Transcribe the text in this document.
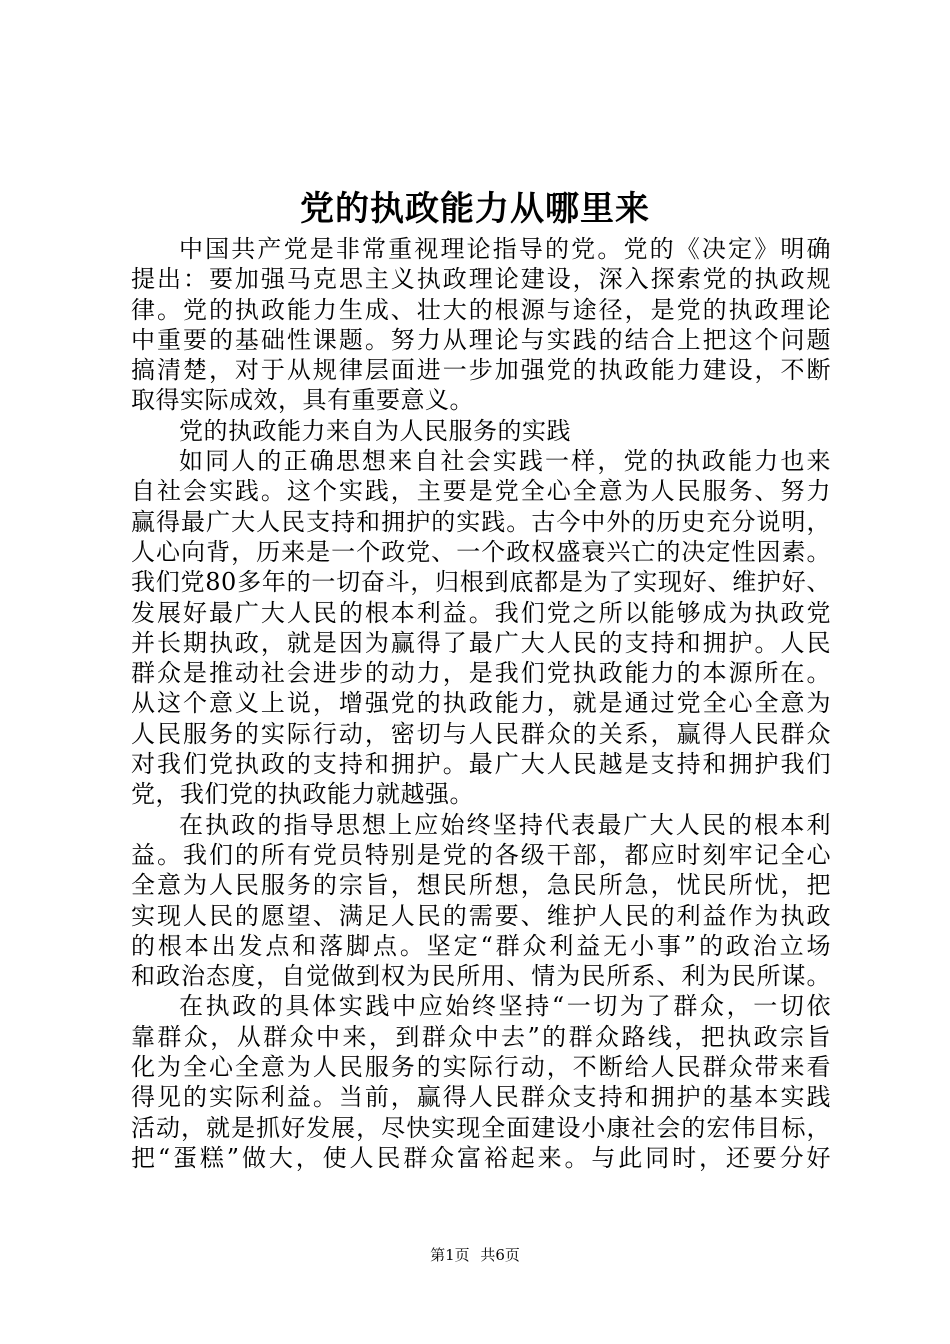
党的执政能力从哪里来
中国共产党是非常重视理论指导的党。党的《决定》明确
提出：要加强马克思主义执政理论建设，深入探索党的执政规
律。党的执政能力生成、壮大的根源与途径，是党的执政理论
中重要的基础性课题。努力从理论与实践的结合上把这个问题
搞清楚，对于从规律层面进一步加强党的执政能力建设，不断
取得实际成效，具有重要意义。
党的执政能力来自为人民服务的实践
如同人的正确思想来自社会实践一样，党的执政能力也来
自社会实践。这个实践，主要是党全心全意为人民服务、努力
赢得最广大人民支持和拥护的实践。古今中外的历史充分说明，
人心向背，历来是一个政党、一个政权盛衰兴亡的决定性因素。
我们党80多年的一切奋斗，归根到底都是为了实现好、维护好、
发展好最广大人民的根本利益。我们党之所以能够成为执政党
并长期执政，就是因为赢得了最广大人民的支持和拥护。人民
群众是推动社会进步的动力，是我们党执政能力的本源所在。
从这个意义上说，增强党的执政能力，就是通过党全心全意为
人民服务的实际行动，密切与人民群众的关系，赢得人民群众
对我们党执政的支持和拥护。最广大人民越是支持和拥护我们
党，我们党的执政能力就越强。
在执政的指导思想上应始终坚持代表最广大人民的根本利
益。我们的所有党员特别是党的各级干部，都应时刻牢记全心
全意为人民服务的宗旨，想民所想，急民所急，忧民所忧，把
实现人民的愿望、满足人民的需要、维护人民的利益作为执政
的根本出发点和落脚点。坚定“群众利益无小事”的政治立场
和政治态度，自觉做到权为民所用、情为民所系、利为民所谋。
在执政的具体实践中应始终坚持“一切为了群众，一切依
靠群众，从群众中来，到群众中去”的群众路线，把执政宗旨
化为全心全意为人民服务的实际行动，不断给人民群众带来看
得见的实际利益。当前，赢得人民群众支持和拥护的基本实践
活动，就是抓好发展，尽快实现全面建设小康社会的宏伟目标，
把“蛋糕”做大，使人民群众富裕起来。与此同时，还要分好
第1页 共6页
